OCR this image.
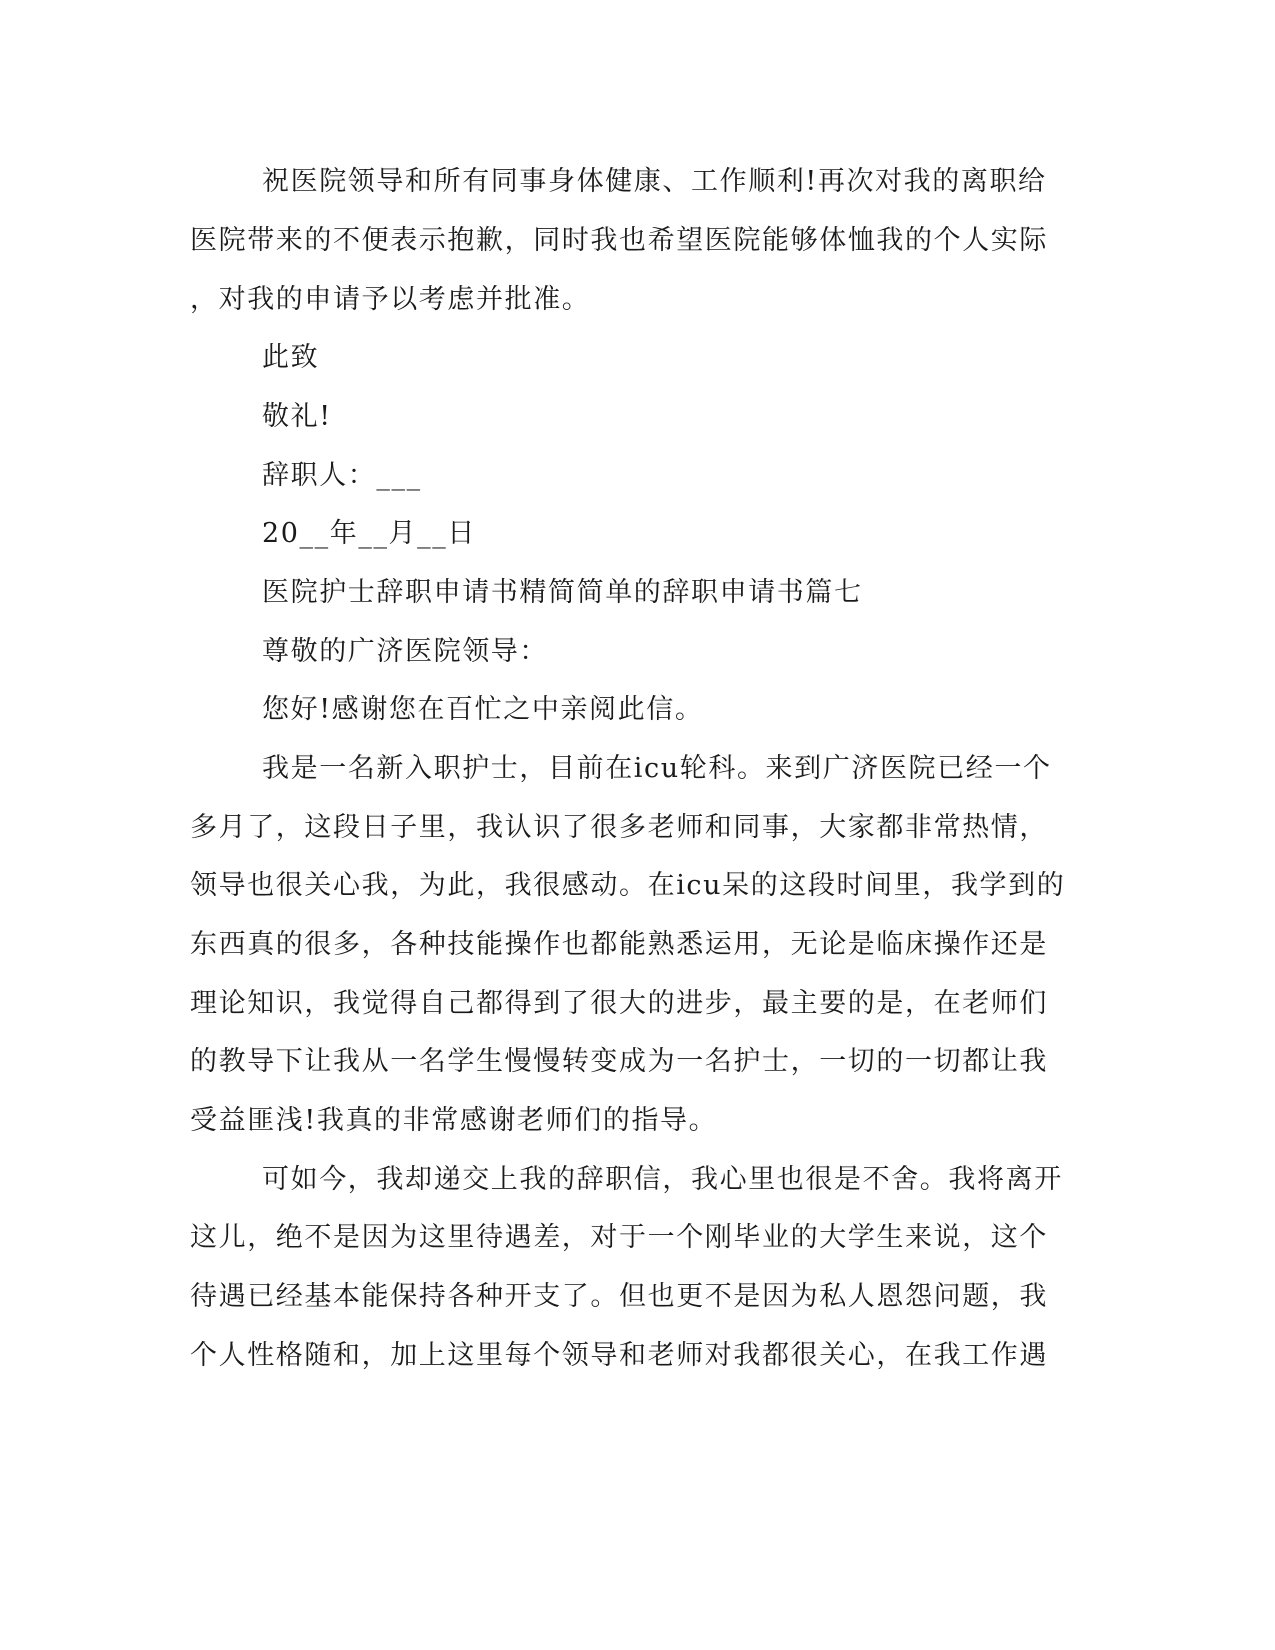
祝医院领导和所有同事身体健康、工作顺利!再次对我的离职给
医院带来的不便表示抱歉，同时我也希望医院能够体恤我的个人实际
，对我的申请予以考虑并批准。
此致
敬礼!
辞职人：___
20__年__月__日
医院护士辞职申请书精简简单的辞职申请书篇七
尊敬的广济医院领导：
您好!感谢您在百忙之中亲阅此信。
我是一名新入职护士，目前在icu轮科。来到广济医院已经一个
多月了，这段日子里，我认识了很多老师和同事，大家都非常热情，
领导也很关心我，为此，我很感动。在icu呆的这段时间里，我学到的
东西真的很多，各种技能操作也都能熟悉运用，无论是临床操作还是
理论知识，我觉得自己都得到了很大的进步，最主要的是，在老师们
的教导下让我从一名学生慢慢转变成为一名护士，一切的一切都让我
受益匪浅!我真的非常感谢老师们的指导。
可如今，我却递交上我的辞职信，我心里也很是不舍。我将离开
这儿，绝不是因为这里待遇差，对于一个刚毕业的大学生来说，这个
待遇已经基本能保持各种开支了。但也更不是因为私人恩怨问题，我
个人性格随和，加上这里每个领导和老师对我都很关心，在我工作遇
